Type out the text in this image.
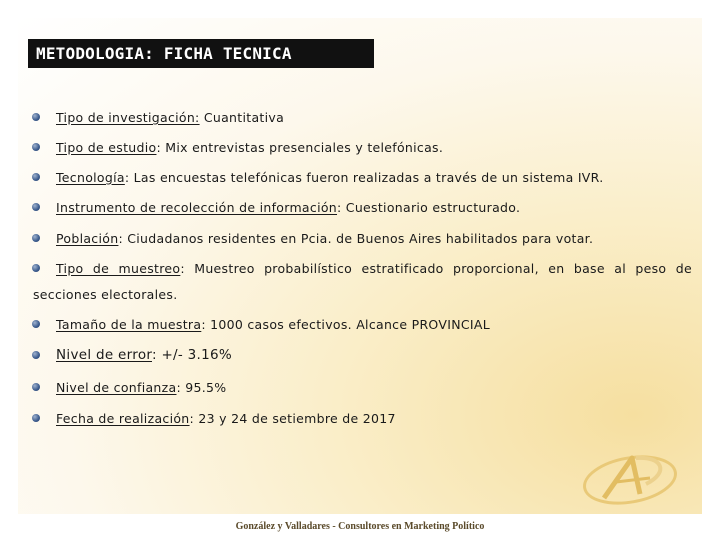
METODOLOGIA: FICHA TECNICA
Tipo de investigación: Cuantitativa
Tipo de estudio: Mix entrevistas presenciales y telefónicas.
Tecnología: Las encuestas telefónicas fueron realizadas a través de un sistema IVR.
Instrumento de recolección de información: Cuestionario estructurado.
Población: Ciudadanos residentes en Pcia. de Buenos Aires habilitados para votar.
Tipo de muestreo: Muestreo probabilístico estratificado proporcional, en base al peso de
secciones electorales.
Tamaño de la muestra: 1000 casos efectivos. Alcance PROVINCIAL
Nivel de error: +/- 3.16%
Nivel de confianza: 95.5%
Fecha de realización: 23 y 24 de setiembre de 2017
González y Valladares - Consultores en Marketing Político
